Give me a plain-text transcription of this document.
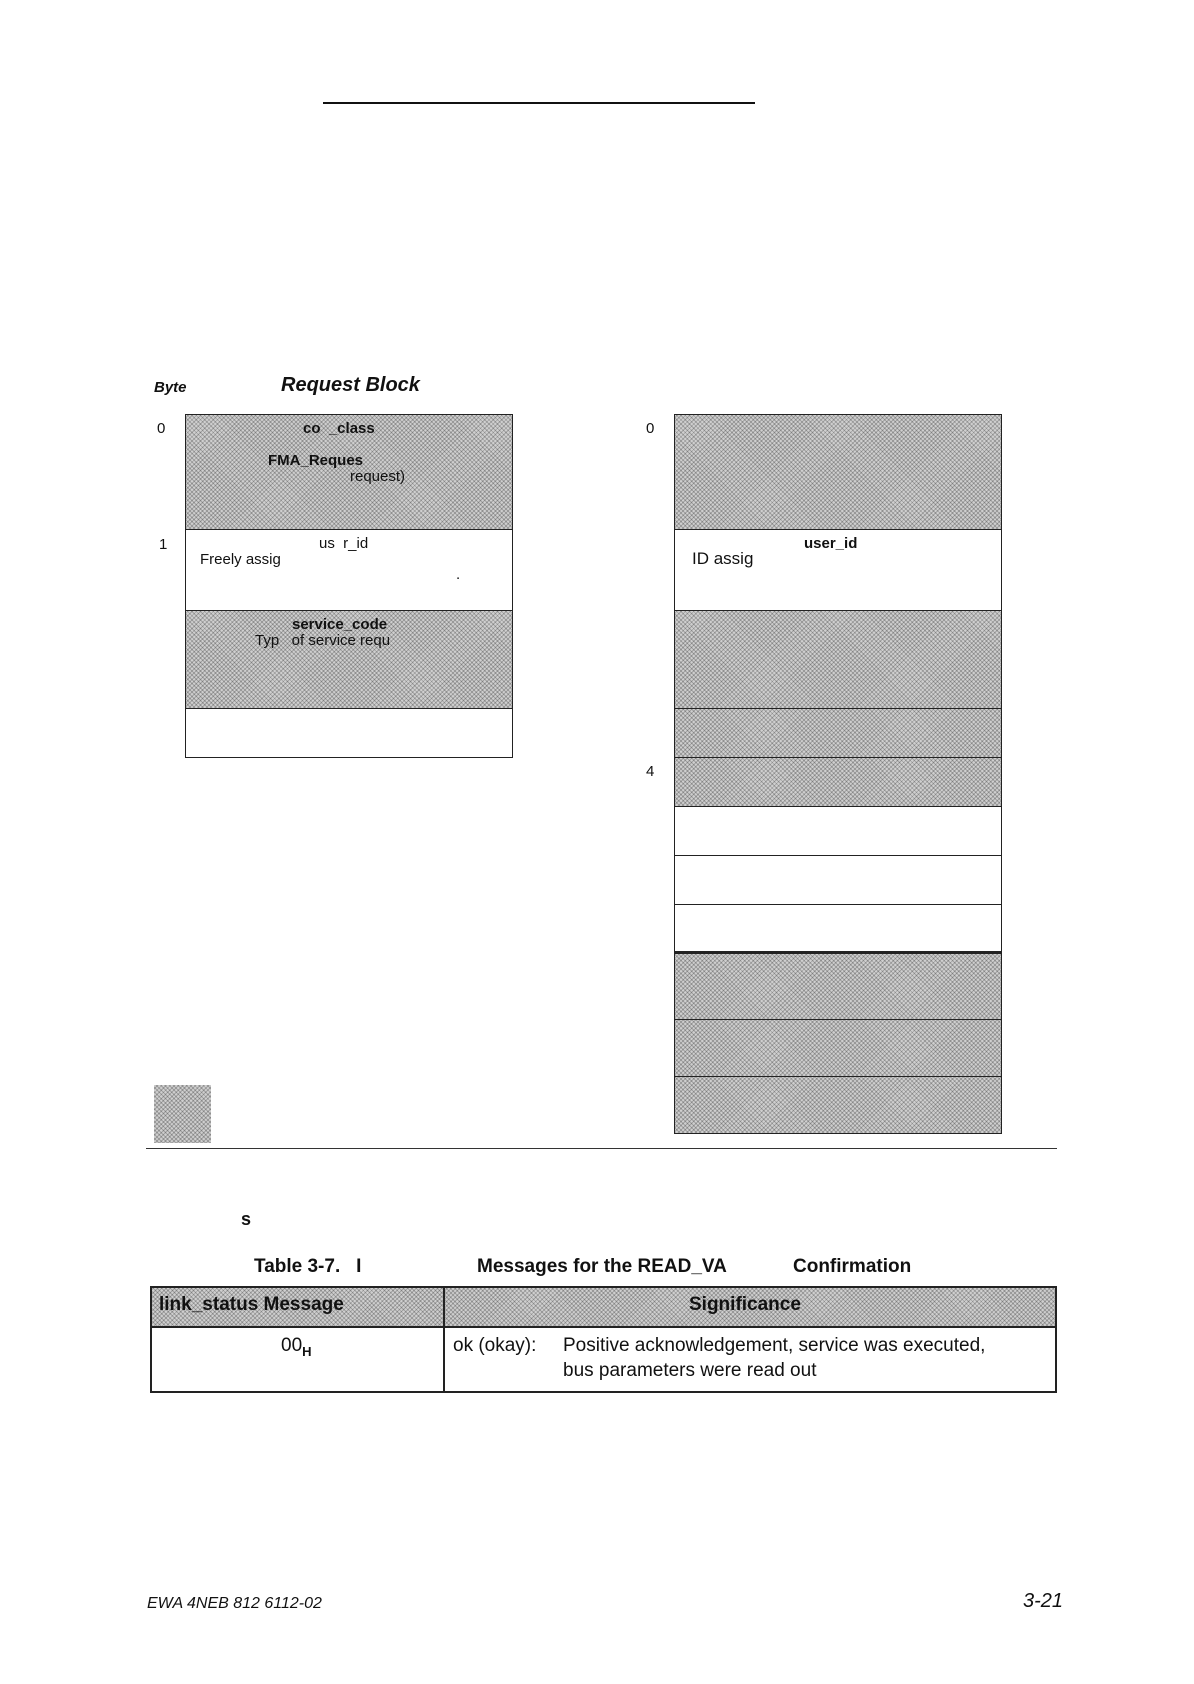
Byte	Request Block
0
1
co  _class
FMA_Reques
request)
us  r_id
Freely assig
.
service_code
Typ   of service requ
0
4
user_id
ID assig
s
Table 3-7.   I	Messages for the READ_VA	Confirmation
link_status Message	Significance
$00_H$	ok (okay): Positive acknowledgement, service was executed,
bus parameters were read out
EWA 4NEB 812 6112-02	3-21
